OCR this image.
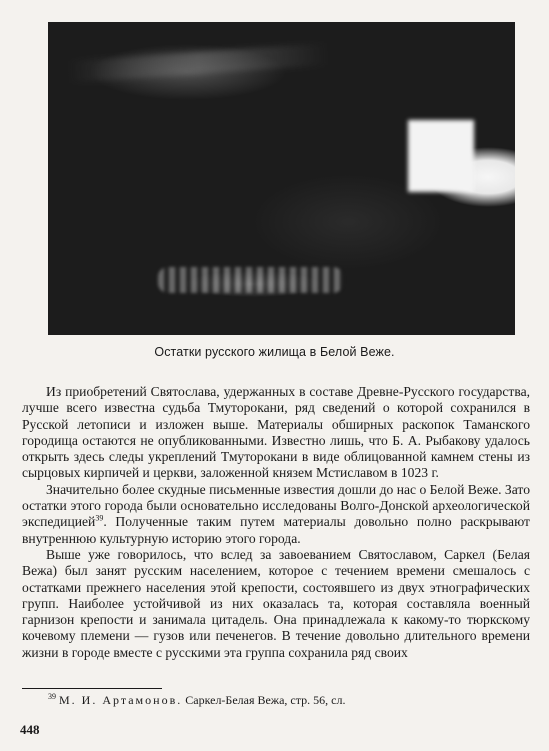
Остатки русского жилища в Белой Веже.

Из приобретений Святослава, удержанных в составе Древне-Русского государства, лучше всего известна судьба Тмуторокани, ряд сведений о которой сохранился в Русской летописи и изложен выше. Материалы обширных раскопок Таманского городища остаются не опубликованными. Известно лишь, что Б. А. Рыбакову удалось открыть здесь следы укреплений Тмуторокани в виде облицованной камнем стены из сырцовых кирпичей и церкви, заложенной князем Мстиславом в 1023 г.

Значительно более скудные письменные известия дошли до нас о Белой Веже. Зато остатки этого города были основательно исследованы Волго-Донской археологической экспедицией$^{39}$. Полученные таким путем материалы довольно полно раскрывают внутреннюю культурную историю этого города.

Выше уже говорилось, что вслед за завоеванием Святославом, Саркел (Белая Вежа) был занят русским населением, которое с течением времени смешалось с остатками прежнего населения этой крепости, состоявшего из двух этнографических групп. Наиболее устойчивой из них оказалась та, которая составляла военный гарнизон крепости и занимала цитадель. Она принадлежала к какому-то тюркскому кочевому племени — гузов или печенегов. В течение довольно длительного времени жизни в городе вместе с русскими эта группа сохранила ряд своих

$^{39}$ М. И. Артамонов. Саркел-Белая Вежа, стр. 56, сл.
448
